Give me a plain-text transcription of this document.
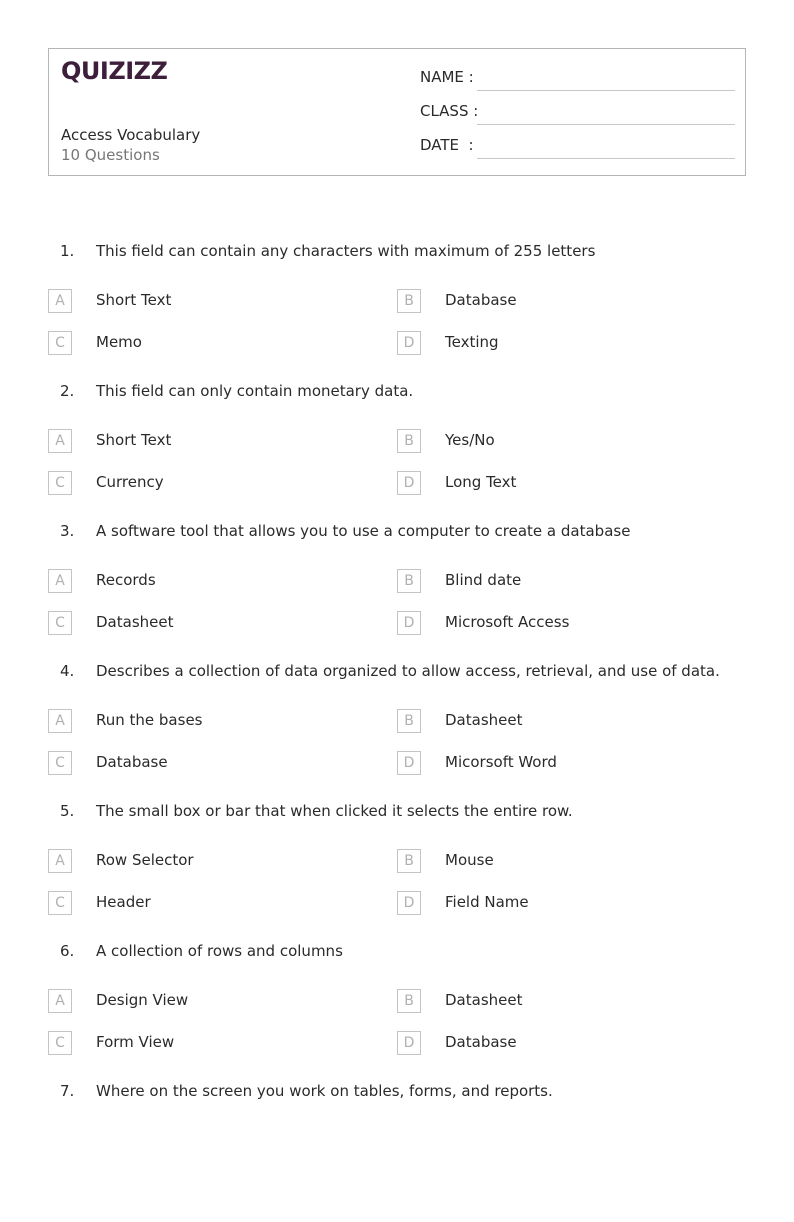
QUIZIZZ
Access Vocabulary
10 Questions
NAME :
CLASS :
DATE  :
1. This field can contain any characters with maximum of 255 letters
A	Short Text	B	Database
C	Memo	D	Texting
2. This field can only contain monetary data.
A	Short Text	B	Yes/No
C	Currency	D	Long Text
3. A software tool that allows you to use a computer to create a database
A	Records	B	Blind date
C	Datasheet	D	Microsoft Access
4. Describes a collection of data organized to allow access, retrieval, and use of data.
A	Run the bases	B	Datasheet
C	Database	D	Micorsoft Word
5. The small box or bar that when clicked it selects the entire row.
A	Row Selector	B	Mouse
C	Header	D	Field Name
6. A collection of rows and columns
A	Design View	B	Datasheet
C	Form View	D	Database
7. Where on the screen you work on tables, forms, and reports.
